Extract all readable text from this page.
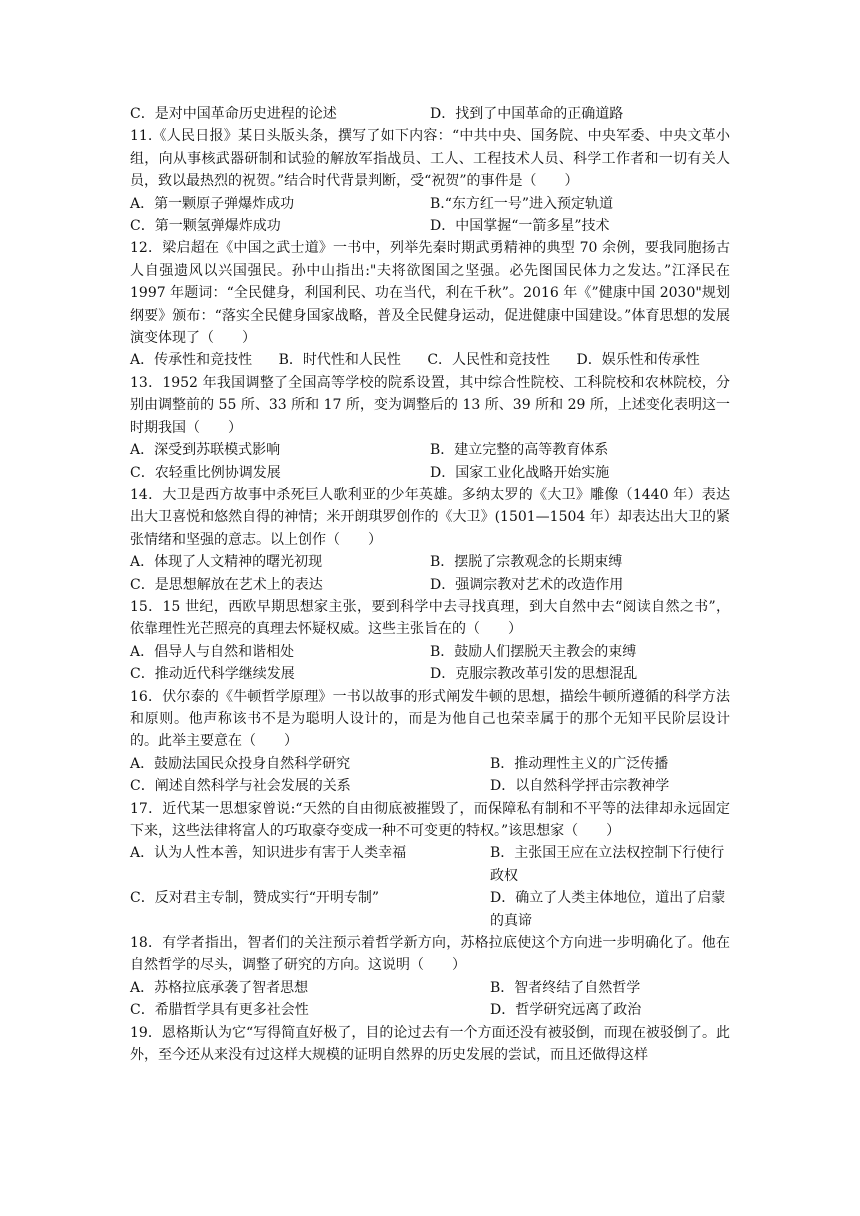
C．是对中国革命历史进程的论述	D．找到了中国革命的正确道路
11.《人民日报》某日头版头条，撰写了如下内容：“中共中央、国务院、中央军委、中央文革小组，向从事核武器研制和试验的解放军指战员、工人、工程技术人员、科学工作者和一切有关人员，致以最热烈的祝贺。”结合时代背景判断，受“祝贺”的事件是（　　）
A．第一颗原子弹爆炸成功	B.“东方红一号”进入预定轨道
C．第一颗氢弹爆炸成功	D．中国掌握“一箭多星”技术
12．梁启超在《中国之武士道》一书中，列举先秦时期武勇精神的典型 70 余例，要我同胞扬古人自强遗风以兴国强民。孙中山指出:"夫将欲图国之坚强。必先图国民体力之发达。”江泽民在 1997 年题词：“全民健身，利国利民、功在当代，利在千秋”。2016 年《”健康中国 2030"规划纲要》颁布：“落实全民健身国家战略，普及全民健身运动，促进健康中国建设。”体育思想的发展演变体现了（　　）
A．传承性和竞技性 B．时代性和人民性 C．人民性和竞技性 D．娱乐性和传承性
13．1952 年我国调整了全国高等学校的院系设置，其中综合性院校、工科院校和农林院校，分别由调整前的 55 所、33 所和 17 所，变为调整后的 13 所、39 所和 29 所，上述变化表明这一时期我国（　　）
A．深受到苏联模式影响	B．建立完整的高等教育体系
C．农轻重比例协调发展	D．国家工业化战略开始实施
14．大卫是西方故事中杀死巨人歌利亚的少年英雄。多纳太罗的《大卫》雕像（1440 年）表达出大卫喜悦和悠然自得的神情；米开朗琪罗创作的《大卫》(1501—1504 年）却表达出大卫的紧张情绪和坚强的意志。以上创作（　　）
A．体现了人文精神的曙光初现	B．摆脱了宗教观念的长期束缚
C．是思想解放在艺术上的表达	D．强调宗教对艺术的改造作用
15．15 世纪，西欧早期思想家主张，要到科学中去寻找真理，到大自然中去“阅读自然之书”，依靠理性光芒照亮的真理去怀疑权威。这些主张旨在的（　　）
A．倡导人与自然和谐相处	B．鼓励人们摆脱天主教会的束缚
C．推动近代科学继续发展	D．克服宗教改革引发的思想混乱
16．伏尔泰的《牛顿哲学原理》一书以故事的形式阐发牛顿的思想，描绘牛顿所遵循的科学方法和原则。他声称该书不是为聪明人设计的，而是为他自己也荣幸属于的那个无知平民阶层设计的。此举主要意在（　　）
A．鼓励法国民众投身自然科学研究	B．推动理性主义的广泛传播
C．阐述自然科学与社会发展的关系	D．以自然科学抨击宗教神学
17．近代某一思想家曾说:“天然的自由彻底被摧毁了，而保障私有制和不平等的法律却永远固定下来，这些法律将富人的巧取豪夺变成一种不可变更的特权。”该思想家（　　）
A．认为人性本善，知识进步有害于人类幸福	B．主张国王应在立法权控制下行使行政权
C．反对君主专制，赞成实行“开明专制”	D．确立了人类主体地位，道出了启蒙的真谛
18．有学者指出，智者们的关注预示着哲学新方向，苏格拉底使这个方向进一步明确化了。他在自然哲学的尽头，调整了研究的方向。这说明（　　）
A．苏格拉底承袭了智者思想	B．智者终结了自然哲学
C．希腊哲学具有更多社会性	D．哲学研究远离了政治
19．恩格斯认为它“写得简直好极了，目的论过去有一个方面还没有被驳倒，而现在被驳倒了。此外，至今还从来没有过这样大规模的证明自然界的历史发展的尝试，而且还做得这样
